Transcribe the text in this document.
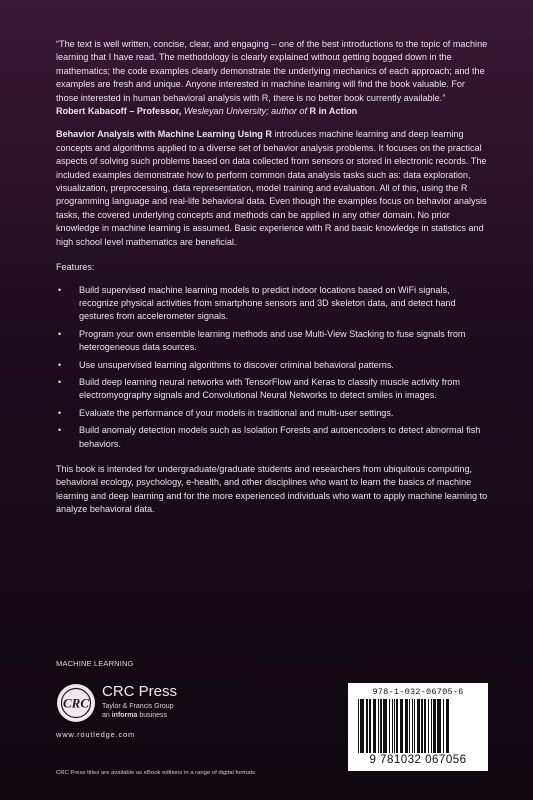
“The text is well written, concise, clear, and engaging – one of the best introductions to the topic of machine learning that I have read. The methodology is clearly explained without getting bogged down in the mathematics; the code examples clearly demonstrate the underlying mechanics of each approach; and the examples are fresh and unique. Anyone interested in machine learning will find the book valuable. For those interested in human behavioral analysis with R, there is no better book currently available.”
Robert Kabacoff – Professor, Wesleyan University; author of R in Action

Behavior Analysis with Machine Learning Using R introduces machine learning and deep learning concepts and algorithms applied to a diverse set of behavior analysis problems. It focuses on the practical aspects of solving such problems based on data collected from sensors or stored in electronic records. The included examples demonstrate how to perform common data analysis tasks such as: data exploration, visualization, preprocessing, data representation, model training and evaluation. All of this, using the R programming language and real-life behavioral data. Even though the examples focus on behavior analysis tasks, the covered underlying concepts and methods can be applied in any other domain. No prior knowledge in machine learning is assumed. Basic experience with R and basic knowledge in statistics and high school level mathematics are beneficial.

Features:

• Build supervised machine learning models to predict indoor locations based on WiFi signals, recognize physical activities from smartphone sensors and 3D skeleton data, and detect hand gestures from accelerometer signals.
• Program your own ensemble learning methods and use Multi-View Stacking to fuse signals from heterogeneous data sources.
• Use unsupervised learning algorithms to discover criminal behavioral patterns.
• Build deep learning neural networks with TensorFlow and Keras to classify muscle activity from electromyography signals and Convolutional Neural Networks to detect smiles in images.
• Evaluate the performance of your models in traditional and multi-user settings.
• Build anomaly detection models such as Isolation Forests and autoencoders to detect abnormal fish behaviors.

This book is intended for undergraduate/graduate students and researchers from ubiquitous computing, behavioral ecology, psychology, e-health, and other disciplines who want to learn the basics of machine learning and deep learning and for the more experienced individuals who want to apply machine learning to analyze behavioral data.

MACHINE LEARNING
CRC
CRC Press
Taylor & Francis Group
an informa business
www.routledge.com
CRC Press titles are available as eBook editions in a range of digital formats
978-1-032-06705-6
9 781032 067056
